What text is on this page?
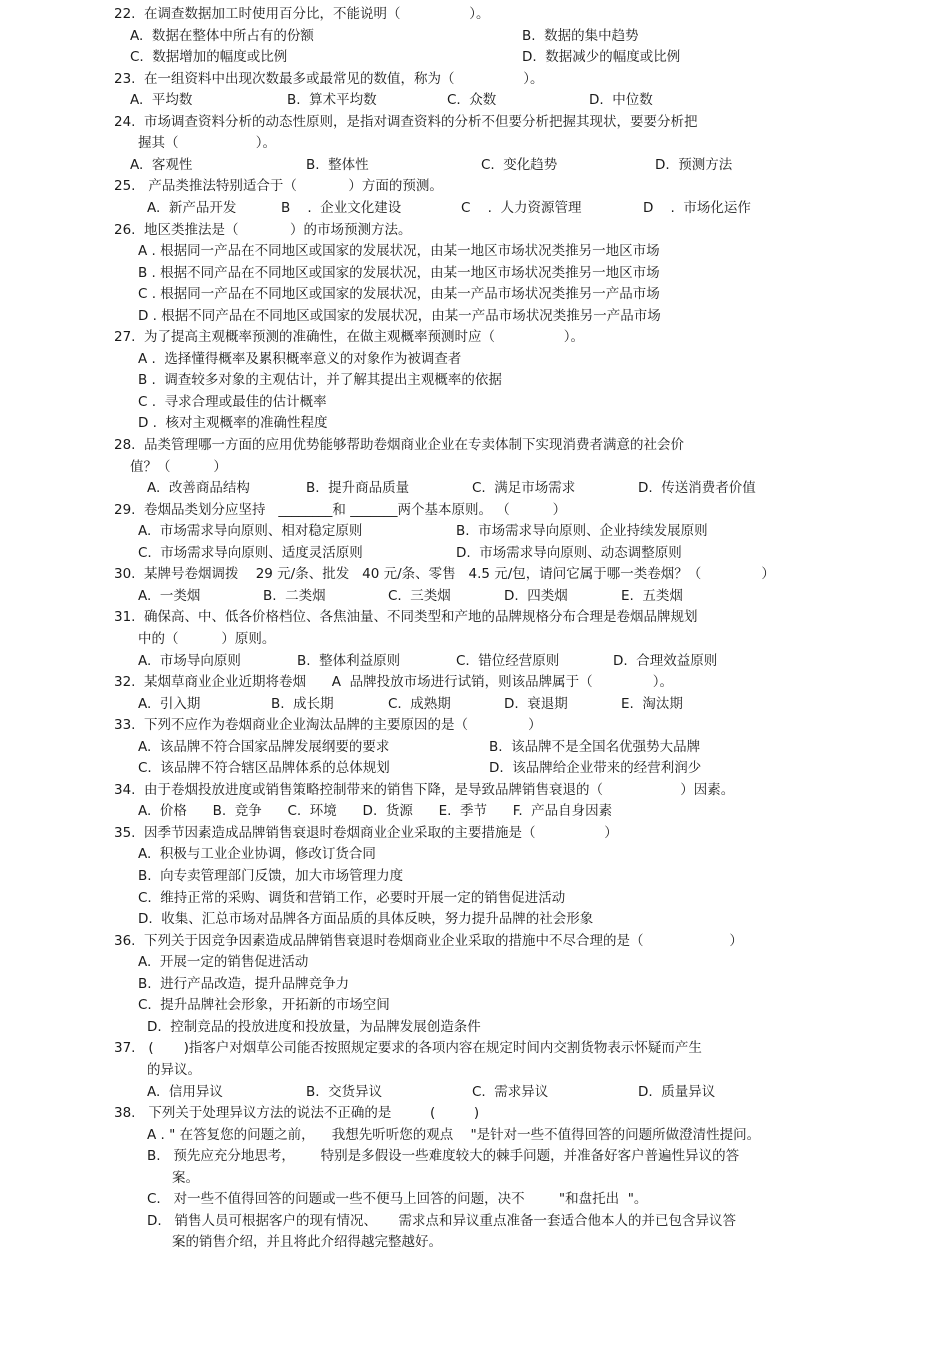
22.  在调查数据加工时使用百分比，不能说明（                ）。
A.  数据在整体中所占有的份额	B.  数据的集中趋势
C.  数据增加的幅度或比例	D.  数据减少的幅度或比例
23.  在一组资料中出现次数最多或最常见的数值，称为（                ）。
A.  平均数	B.  算术平均数	C.  众数	D.  中位数
24.  市场调查资料分析的动态性原则，是指对调查资料的分析不但要分析把握其现状，要要分析把
握其（                  ）。
A.  客观性	B.  整体性	C.  变化趋势	D.  预测方法
25.   产品类推法特别适合于（            ）方面的预测。
A.  新产品开发	B    .  企业文化建设	C    .  人力资源管理	D    .  市场化运作
26.  地区类推法是（            ）的市场预测方法。
A . 根据同一产品在不同地区或国家的发展状况，由某一地区市场状况类推另一地区市场
B . 根据不同产品在不同地区或国家的发展状况，由某一地区市场状况类推另一地区市场
C . 根据同一产品在不同地区或国家的发展状况，由某一产品市场状况类推另一产品市场
D . 根据不同产品在不同地区或国家的发展状况，由某一产品市场状况类推另一产品市场
27.  为了提高主观概率预测的准确性，在做主观概率预测时应（                ）。
A .  选择懂得概率及累积概率意义的对象作为被调查者
B .  调查较多对象的主观估计，并了解其提出主观概率的依据
C .  寻求合理或最佳的估计概率
D .  核对主观概率的准确性程度
28.  品类管理哪一方面的应用优势能够帮助卷烟商业企业在专卖体制下实现消费者满意的社会价
值？（          ）
A.  改善商品结构	B.  提升商品质量	C.  满足市场需求	D.  传送消费者价值
29.  卷烟品类划分应坚持   ________和 _______两个基本原则。 （          ）
A.  市场需求导向原则、相对稳定原则	B.  市场需求导向原则、企业持续发展原则
C.  市场需求导向原则、适度灵活原则	D.  市场需求导向原则、动态调整原则
30.  某牌号卷烟调拨    29 元/条、批发   40 元/条、零售   4.5 元/包，请问它属于哪一类卷烟？（              ）
A.  一类烟	B.  二类烟	C.  三类烟	D.  四类烟	E.  五类烟
31.  确保高、中、低各价格档位、各焦油量、不同类型和产地的品牌规格分布合理是卷烟品牌规划
中的（          ）原则。
A.  市场导向原则	B.  整体利益原则	C.  错位经营原则	D.  合理效益原则
32.  某烟草商业企业近期将卷烟      A  品牌投放市场进行试销，则该品牌属于（              ）。
A.  引入期	B.  成长期	C.  成熟期	D.  衰退期	E.  淘汰期
33.  下列不应作为卷烟商业企业淘汰品牌的主要原因的是（              ）
A.  该品牌不符合国家品牌发展纲要的要求	B.  该品牌不是全国名优强势大品牌
C.  该品牌不符合辖区品牌体系的总体规划	D.  该品牌给企业带来的经营利润少
34.  由于卷烟投放进度或销售策略控制带来的销售下降，是导致品牌销售衰退的（                  ）因素。
A.  价格      B.  竞争      C.  环境      D.  货源      E.  季节      F.  产品自身因素
35.  因季节因素造成品牌销售衰退时卷烟商业企业采取的主要措施是（                ）
A.  积极与工业企业协调，修改订货合同
B.  向专卖管理部门反馈，加大市场管理力度
C.  维持正常的采购、调货和营销工作，必要时开展一定的销售促进活动
D.  收集、汇总市场对品牌各方面品质的具体反映，努力提升品牌的社会形象
36.  下列关于因竞争因素造成品牌销售衰退时卷烟商业企业采取的措施中不尽合理的是（                    ）
A.  开展一定的销售促进活动
B.  进行产品改造，提升品牌竞争力
C.  提升品牌社会形象，开拓新的市场空间
D.  控制竞品的投放进度和投放量，为品牌发展创造条件
37.   (       )指客户对烟草公司能否按照规定要求的各项内容在规定时间内交割货物表示怀疑而产生
的异议。
A.  信用异议	B.  交货异议	C.  需求异议	D.  质量异议
38.   下列关于处理异议方法的说法不正确的是         (         )
A . " 在答复您的问题之前，    我想先听听您的观点    "是针对一些不值得回答的问题所做澄清性提问。
B.   预先应充分地思考，      特别是多假设一些难度较大的棘手问题，并准备好客户普遍性异议的答
案。
C.   对一些不值得回答的问题或一些不便马上回答的问题，决不        "和盘托出  "。
D.   销售人员可根据客户的现有情况、     需求点和异议重点准备一套适合他本人的并已包含异议答
案的销售介绍，并且将此介绍得越完整越好。
